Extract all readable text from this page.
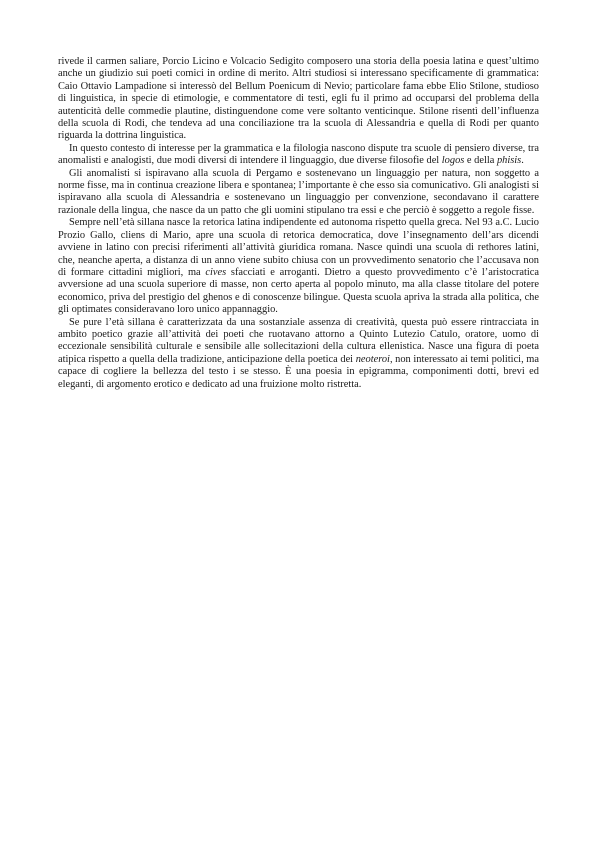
rivede il carmen saliare, Porcio Licino e Volcacio Sedigito composero una storia della poesia latina e quest’ultimo anche un giudizio sui poeti comici in ordine di merito. Altri studiosi si interessano specificamente di grammatica: Caio Ottavio Lampadione si interessò del Bellum Poenicum di Nevio; particolare fama ebbe Elio Stilone, studioso di linguistica, in specie di etimologie, e commentatore di testi, egli fu il primo ad occuparsi del problema della autenticità delle commedie plautine, distinguendone come vere soltanto venticinque. Stilone risentì dell’influenza della scuola di Rodi, che tendeva ad una conciliazione tra la scuola di Alessandria e quella di Rodi per quanto riguarda la dottrina linguistica.

In questo contesto di interesse per la grammatica e la filologia nascono dispute tra scuole di pensiero diverse, tra anomalisti e analogisti, due modi diversi di intendere il linguaggio, due diverse filosofie del logos e della phisis.

Gli anomalisti si ispiravano alla scuola di Pergamo e sostenevano un linguaggio per natura, non soggetto a norme fisse, ma in continua creazione libera e spontanea; l’importante è che esso sia comunicativo. Gli analogisti si ispiravano alla scuola di Alessandria e sostenevano un linguaggio per convenzione, secondavano il carattere razionale della lingua, che nasce da un patto che gli uomini stipulano tra essi e che perciò è soggetto a regole fisse.

Sempre nell’età sillana nasce la retorica latina indipendente ed autonoma rispetto quella greca. Nel 93 a.C. Lucio Prozio Gallo, cliens di Mario, apre una scuola di retorica democratica, dove l’insegnamento dell’ars dicendi avviene in latino con precisi riferimenti all’attività giuridica romana. Nasce quindi una scuola di rethores latini, che, neanche aperta, a distanza di un anno viene subito chiusa con un provvedimento senatorio che l’accusava non di formare cittadini migliori, ma cives sfacciati e arroganti. Dietro a questo provvedimento c’è l’aristocratica avversione ad una scuola superiore di masse, non certo aperta al popolo minuto, ma alla classe titolare del potere economico, priva del prestigio del ghenos e di conoscenze bilingue. Questa scuola apriva la strada alla politica, che gli optimates consideravano loro unico appannaggio.

Se pure l’età sillana è caratterizzata da una sostanziale assenza di creatività, questa può essere rintracciata in ambito poetico grazie all’attività dei poeti che ruotavano attorno a Quinto Lutezio Catulo, oratore, uomo di eccezionale sensibilità culturale e sensibile alle sollecitazioni della cultura ellenistica. Nasce una figura di poeta atipica rispetto a quella della tradizione, anticipazione della poetica dei neoteroi, non interessato ai temi politici, ma capace di cogliere la bellezza del testo i se stesso. È una poesia in epigramma, componimenti dotti, brevi ed eleganti, di argomento erotico e dedicato ad una fruizione molto ristretta.
